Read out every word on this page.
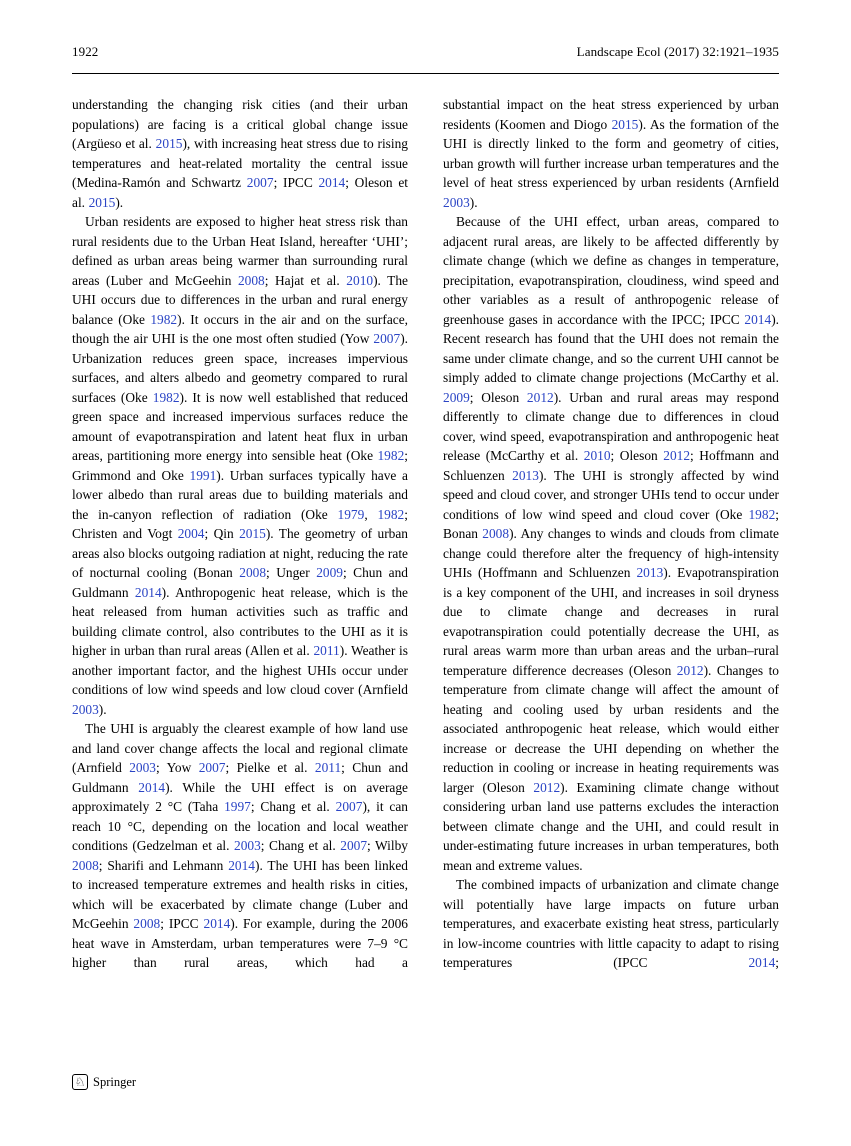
1922	Landscape Ecol (2017) 32:1921–1935

understanding the changing risk cities (and their urban populations) are facing is a critical global change issue (Argüeso et al. 2015), with increasing heat stress due to rising temperatures and heat-related mortality the central issue (Medina-Ramón and Schwartz 2007; IPCC 2014; Oleson et al. 2015).

Urban residents are exposed to higher heat stress risk than rural residents due to the Urban Heat Island, hereafter ‘UHI’; defined as urban areas being warmer than surrounding rural areas (Luber and McGeehin 2008; Hajat et al. 2010). The UHI occurs due to differences in the urban and rural energy balance (Oke 1982). It occurs in the air and on the surface, though the air UHI is the one most often studied (Yow 2007). Urbanization reduces green space, increases impervious surfaces, and alters albedo and geometry compared to rural surfaces (Oke 1982). It is now well established that reduced green space and increased impervious surfaces reduce the amount of evapotranspiration and latent heat flux in urban areas, partitioning more energy into sensible heat (Oke 1982; Grimmond and Oke 1991). Urban surfaces typically have a lower albedo than rural areas due to building materials and the in-canyon reflection of radiation (Oke 1979, 1982; Christen and Vogt 2004; Qin 2015). The geometry of urban areas also blocks outgoing radiation at night, reducing the rate of nocturnal cooling (Bonan 2008; Unger 2009; Chun and Guldmann 2014). Anthropogenic heat release, which is the heat released from human activities such as traffic and building climate control, also contributes to the UHI as it is higher in urban than rural areas (Allen et al. 2011). Weather is another important factor, and the highest UHIs occur under conditions of low wind speeds and low cloud cover (Arnfield 2003).

The UHI is arguably the clearest example of how land use and land cover change affects the local and regional climate (Arnfield 2003; Yow 2007; Pielke et al. 2011; Chun and Guldmann 2014). While the UHI effect is on average approximately 2 °C (Taha 1997; Chang et al. 2007), it can reach 10 °C, depending on the location and local weather conditions (Gedzelman et al. 2003; Chang et al. 2007; Wilby 2008; Sharifi and Lehmann 2014). The UHI has been linked to increased temperature extremes and health risks in cities, which will be exacerbated by climate change (Luber and McGeehin 2008; IPCC 2014). For example, during the 2006 heat wave in Amsterdam, urban temperatures were 7–9 °C higher than rural areas, which had a

substantial impact on the heat stress experienced by urban residents (Koomen and Diogo 2015). As the formation of the UHI is directly linked to the form and geometry of cities, urban growth will further increase urban temperatures and the level of heat stress experienced by urban residents (Arnfield 2003).

Because of the UHI effect, urban areas, compared to adjacent rural areas, are likely to be affected differently by climate change (which we define as changes in temperature, precipitation, evapotranspiration, cloudiness, wind speed and other variables as a result of anthropogenic release of greenhouse gases in accordance with the IPCC; IPCC 2014). Recent research has found that the UHI does not remain the same under climate change, and so the current UHI cannot be simply added to climate change projections (McCarthy et al. 2009; Oleson 2012). Urban and rural areas may respond differently to climate change due to differences in cloud cover, wind speed, evapotranspiration and anthropogenic heat release (McCarthy et al. 2010; Oleson 2012; Hoffmann and Schluenzen 2013). The UHI is strongly affected by wind speed and cloud cover, and stronger UHIs tend to occur under conditions of low wind speed and cloud cover (Oke 1982; Bonan 2008). Any changes to winds and clouds from climate change could therefore alter the frequency of high-intensity UHIs (Hoffmann and Schluenzen 2013). Evapotranspiration is a key component of the UHI, and increases in soil dryness due to climate change and decreases in rural evapotranspiration could potentially decrease the UHI, as rural areas warm more than urban areas and the urban–rural temperature difference decreases (Oleson 2012). Changes to temperature from climate change will affect the amount of heating and cooling used by urban residents and the associated anthropogenic heat release, which would either increase or decrease the UHI depending on whether the reduction in cooling or increase in heating requirements was larger (Oleson 2012). Examining climate change without considering urban land use patterns excludes the interaction between climate change and the UHI, and could result in under-estimating future increases in urban temperatures, both mean and extreme values.

The combined impacts of urbanization and climate change will potentially have large impacts on future urban temperatures, and exacerbate existing heat stress, particularly in low-income countries with little capacity to adapt to rising temperatures (IPCC 2014;

♘ Springer
